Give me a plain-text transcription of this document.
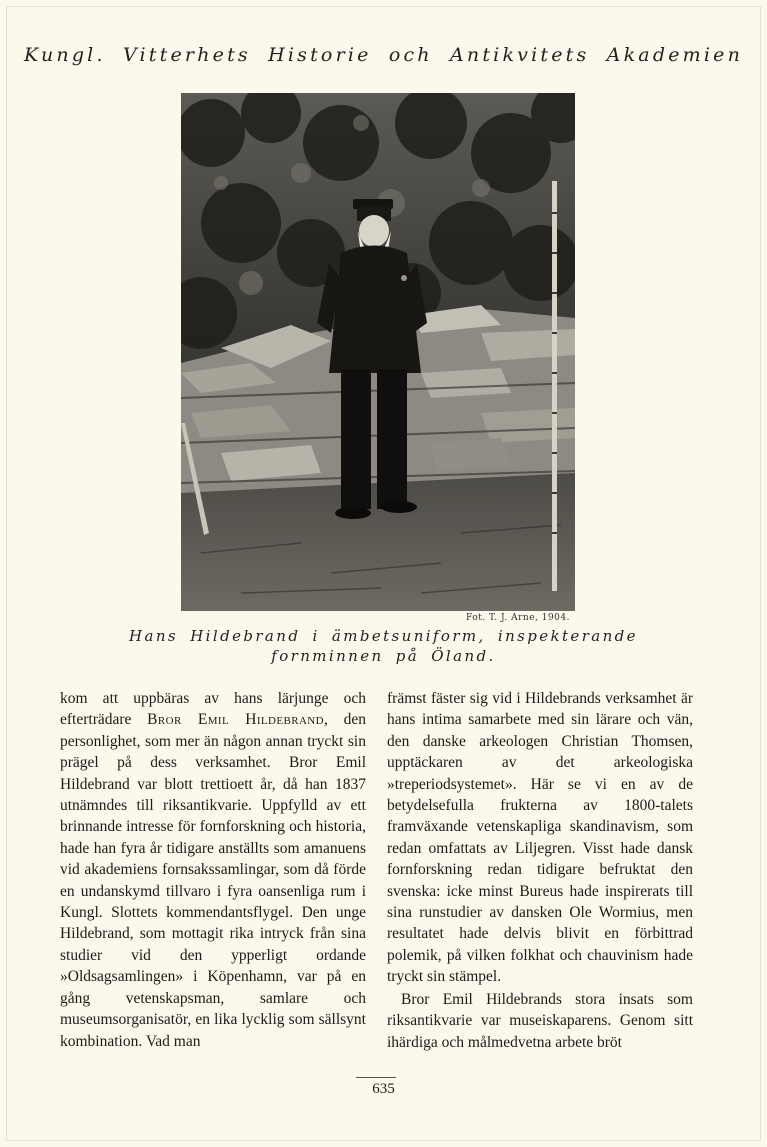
Kungl. Vitterhets Historie och Antikvitets Akademien
Fot. T. J. Arne, 1904.
Hans Hildebrand i ämbetsuniform, inspekterande
fornminnen på Öland.

kom att uppbäras av hans lärjunge och efterträdare Bror Emil Hildebrand, den personlighet, som mer än någon annan tryckt sin prägel på dess verksamhet. Bror Emil Hildebrand var blott trettioett år, då han 1837 utnämndes till riksantikvarie. Uppfylld av ett brinnande intresse för fornforskning och historia, hade han fyra år tidigare anställts som amanuens vid akademiens fornsakssamlingar, som då förde en undanskymd tillvaro i fyra oansenliga rum i Kungl. Slottets kommendantsflygel. Den unge Hildebrand, som mottagit rika intryck från sina studier vid den ypperligt ordande »Oldsagsamlingen» i Köpenhamn, var på en gång vetenskapsman, samlare och museumsorganisatör, en lika lycklig som sällsynt kombination. Vad man

främst fäster sig vid i Hildebrands verksamhet är hans intima samarbete med sin lärare och vän, den danske arkeologen Christian Thomsen, upptäckaren av det arkeologiska »treperiodsystemet». Här se vi en av de betydelsefulla frukterna av 1800-talets framväxande vetenskapliga skandinavism, som redan omfattats av Liljegren. Visst hade dansk fornforskning redan tidigare befruktat den svenska: icke minst Bureus hade inspirerats till sina runstudier av dansken Ole Wormius, men resultatet hade delvis blivit en förbittrad polemik, på vilken folkhat och chauvinism hade tryckt sin stämpel.

Bror Emil Hildebrands stora insats som riksantikvarie var museiskaparens. Genom sitt ihärdiga och målmedvetna arbete bröt

635
